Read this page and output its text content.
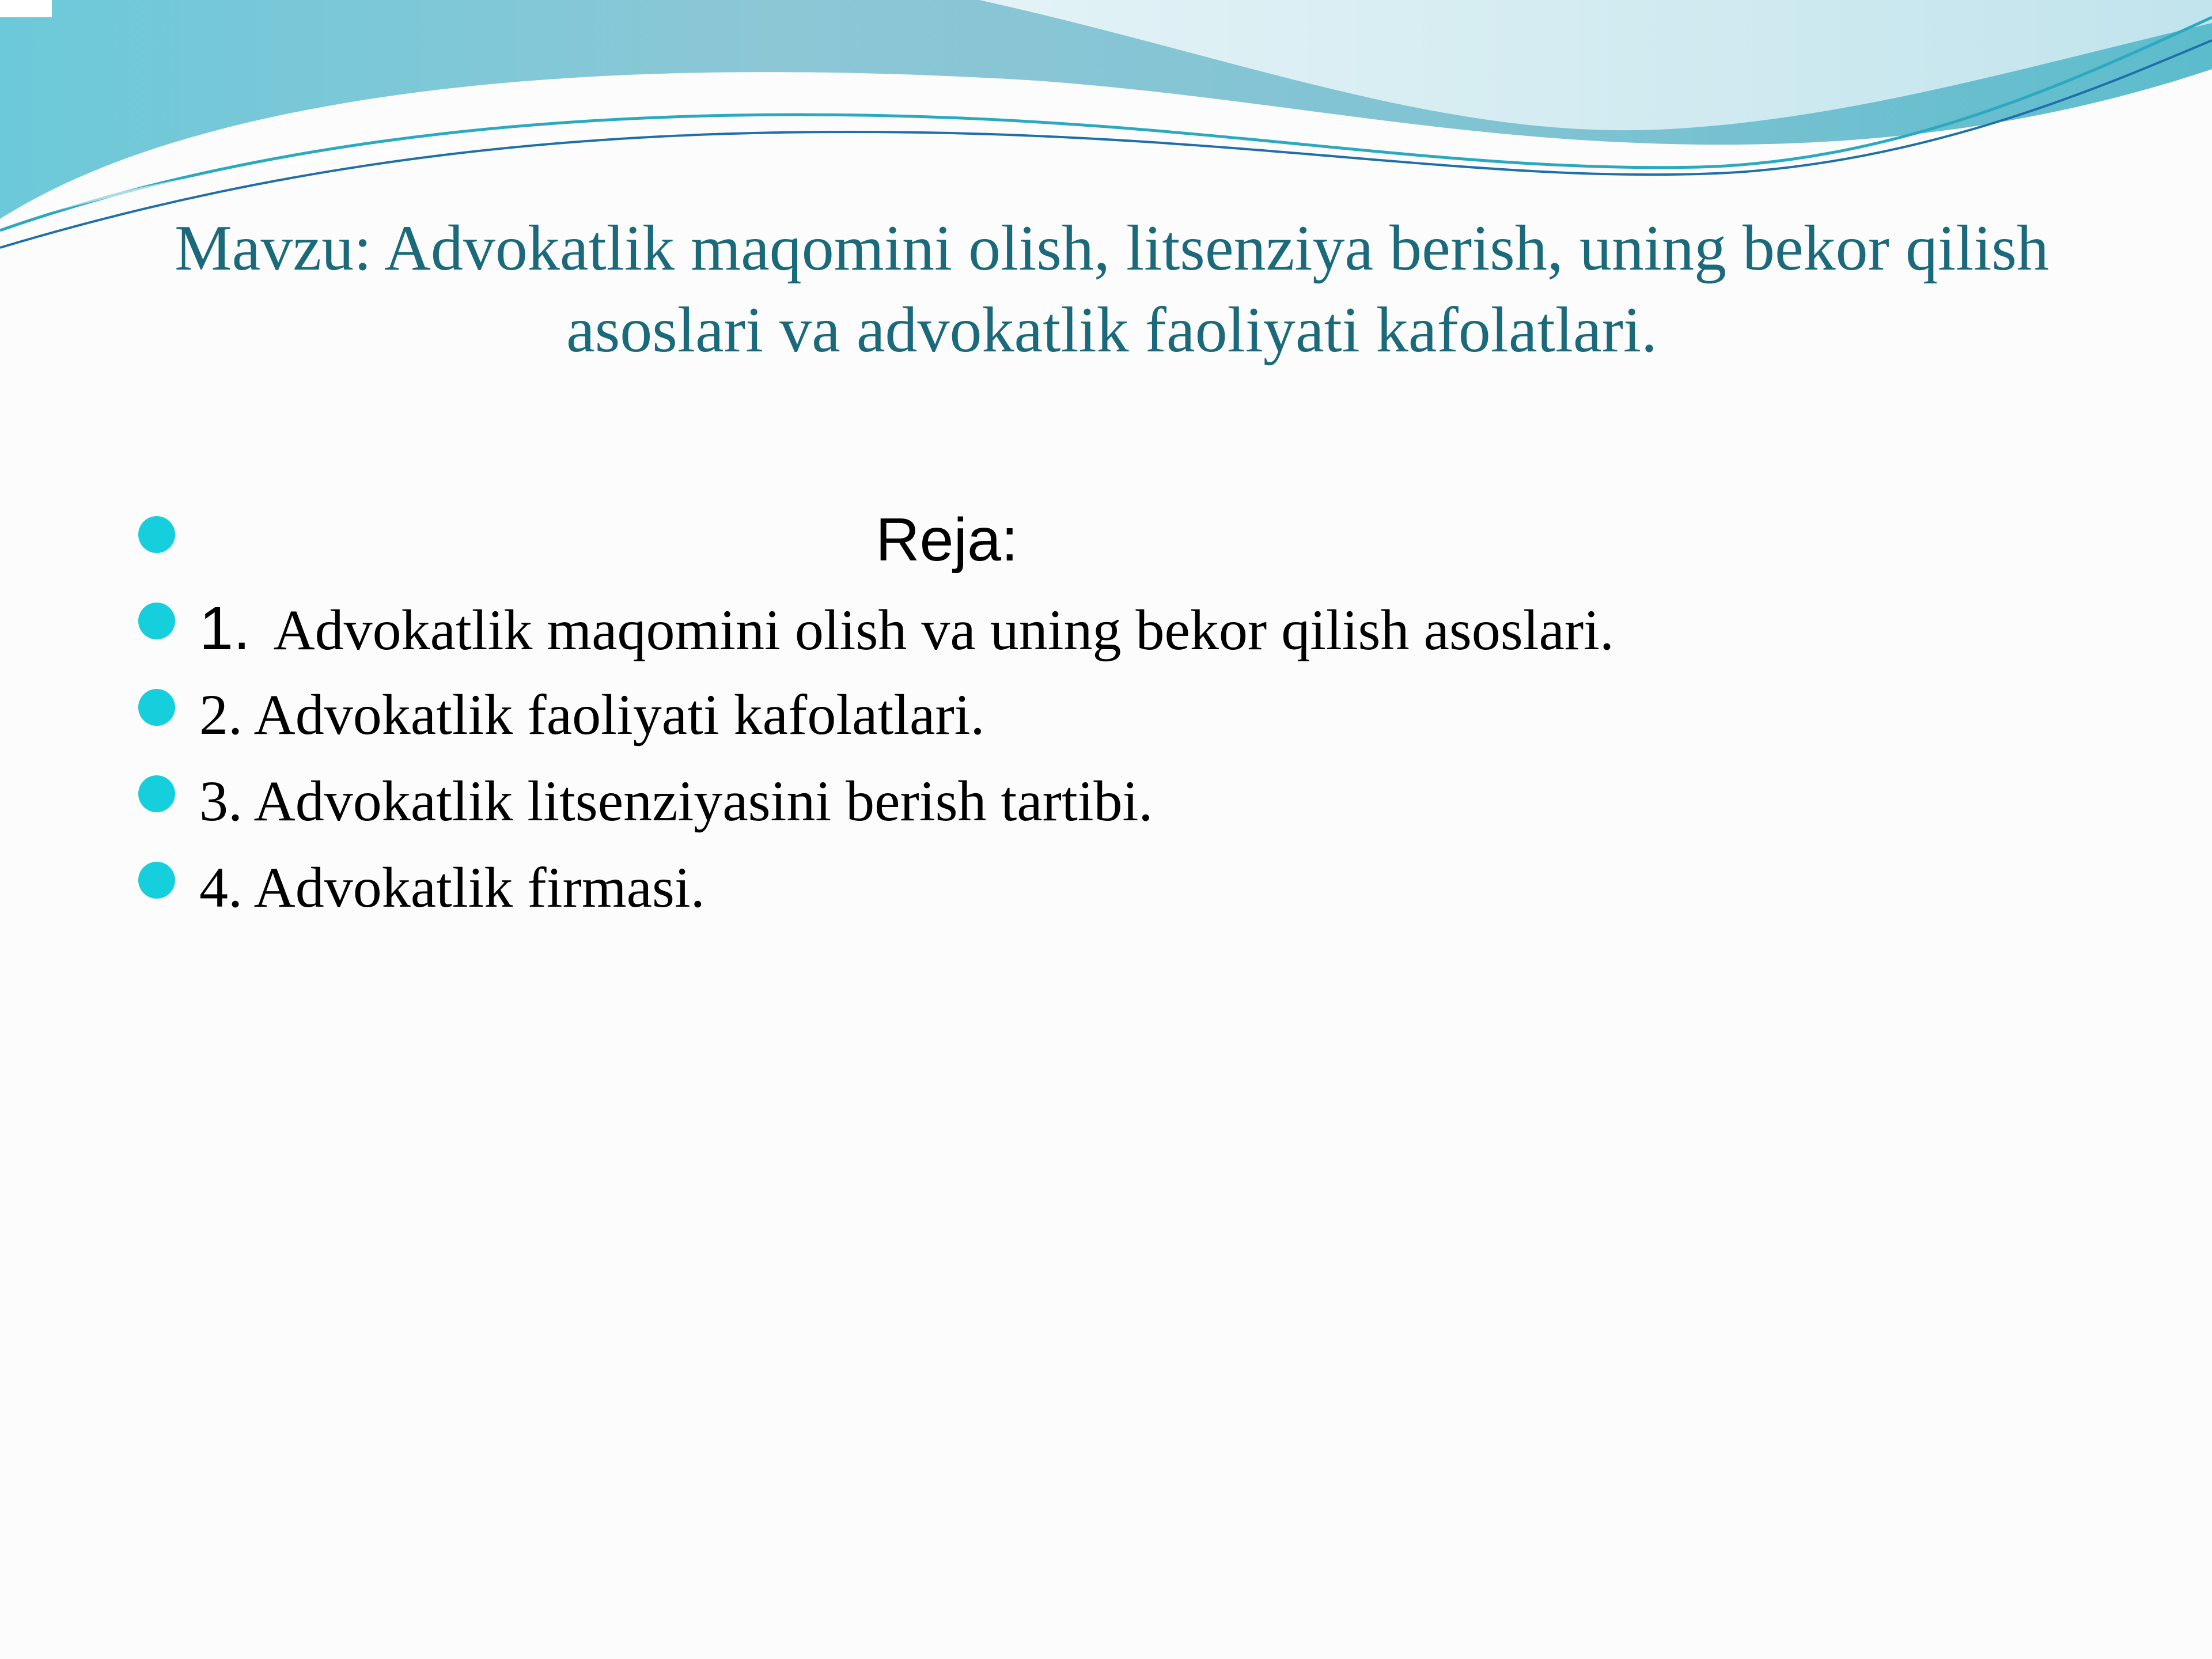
Mavzu: Advokatlik maqomini olish, litsenziya berish, uning bekor qilish asoslari va advokatlik faoliyati kafolatlari.
Reja:
1. Advokatlik maqomini olish va uning bekor qilish asoslari.
2. Advokatlik faoliyati kafolatlari.
3. Advokatlik litsenziyasini berish tartibi.
4. Advokatlik firmasi.
